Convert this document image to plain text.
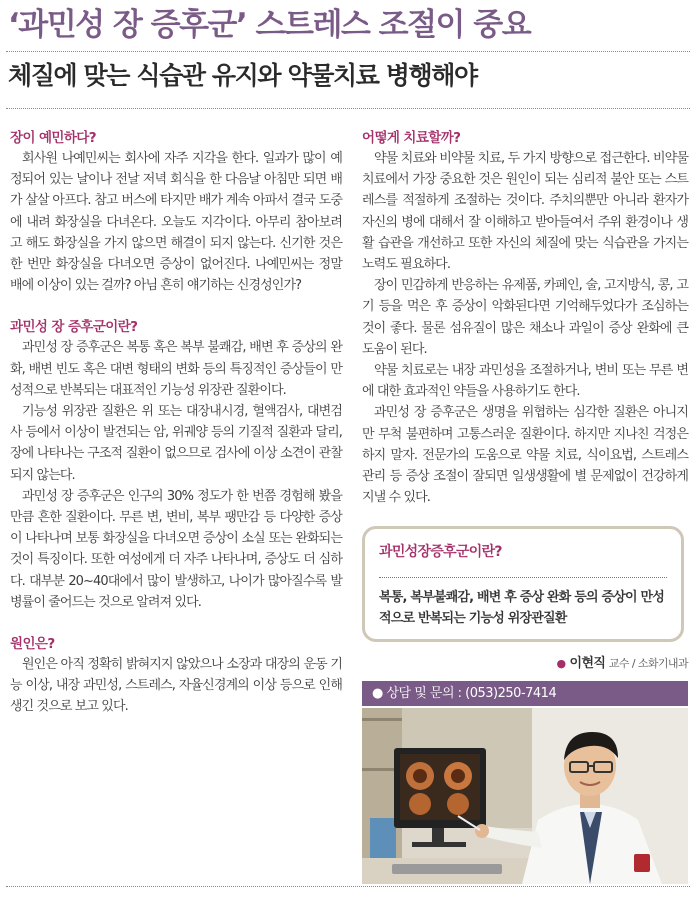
‘과민성 장 증후군’ 스트레스 조절이 중요
체질에 맞는 식습관 유지와 약물치료 병행해야

장이 예민하다?

회사원 나예민씨는 회사에 자주 지각을 한다. 일과가 많이 예정되어 있는 날이나 전날 저녁 회식을 한 다음날 아침만 되면 배가 살살 아프다. 참고 버스에 타지만 배가 계속 아파서 결국 도중에 내려 화장실을 다녀온다. 오늘도 지각이다. 아무리 참아보려고 해도 화장실을 가지 않으면 해결이 되지 않는다. 신기한 것은 한 번만 화장실을 다녀오면 증상이 없어진다. 나예민씨는 정말 배에 이상이 있는 걸까? 아님 흔히 얘기하는 신경성인가?

과민성 장 증후군이란?

과민성 장 증후군은 복통 혹은 복부 불쾌감, 배변 후 증상의 완화, 배변 빈도 혹은 대변 형태의 변화 등의 특징적인 증상들이 만성적으로 반복되는 대표적인 기능성 위장관 질환이다.

기능성 위장관 질환은 위 또는 대장내시경, 혈액검사, 대변검사 등에서 이상이 발견되는 암, 위궤양 등의 기질적 질환과 달리, 장에 나타나는 구조적 질환이 없으므로 검사에 이상 소견이 관찰되지 않는다.

과민성 장 증후군은 인구의 30% 정도가 한 번쯤 경험해 봤을 만큼 흔한 질환이다. 무른 변, 변비, 복부 팽만감 등 다양한 증상이 나타나며 보통 화장실을 다녀오면 증상이 소실 또는 완화되는 것이 특징이다. 또한 여성에게 더 자주 나타나며, 증상도 더 심하다. 대부분 20~40대에서 많이 발생하고, 나이가 많아질수록 발병률이 줄어드는 것으로 알려져 있다.

원인은?

원인은 아직 정확히 밝혀지지 않았으나 소장과 대장의 운동 기능 이상, 내장 과민성, 스트레스, 자율신경계의 이상 등으로 인해 생긴 것으로 보고 있다.

어떻게 치료할까?

약물 치료와 비약물 치료, 두 가지 방향으로 접근한다. 비약물 치료에서 가장 중요한 것은 원인이 되는 심리적 불안 또는 스트레스를 적절하게 조절하는 것이다. 주치의뿐만 아니라 환자가 자신의 병에 대해서 잘 이해하고 받아들여서 주위 환경이나 생활 습관을 개선하고 또한 자신의 체질에 맞는 식습관을 가지는 노력도 필요하다.

장이 민감하게 반응하는 유제품, 카페인, 술, 고지방식, 콩, 고기 등을 먹은 후 증상이 악화된다면 기억해두었다가 조심하는 것이 좋다. 물론 섬유질이 많은 채소나 과일이 증상 완화에 큰 도움이 된다.

약물 치료로는 내장 과민성을 조절하거나, 변비 또는 무른 변에 대한 효과적인 약들을 사용하기도 한다.

과민성 장 증후군은 생명을 위협하는 심각한 질환은 아니지만 무척 불편하며 고통스러운 질환이다. 하지만 지나친 걱정은 하지 말자. 전문가의 도움으로 약물 치료, 식이요법, 스트레스 관리 등 증상 조절이 잘되면 일생생활에 별 문제없이 건강하게 지낼 수 있다.

과민성장증후군이란?
복통, 복부불쾌감, 배변 후 증상 완화 등의 증상이 만성적으로 반복되는 기능성 위장관질환
● 이현직 교수 / 소화기내과
● 상담 및 문의 : (053)250-7414
